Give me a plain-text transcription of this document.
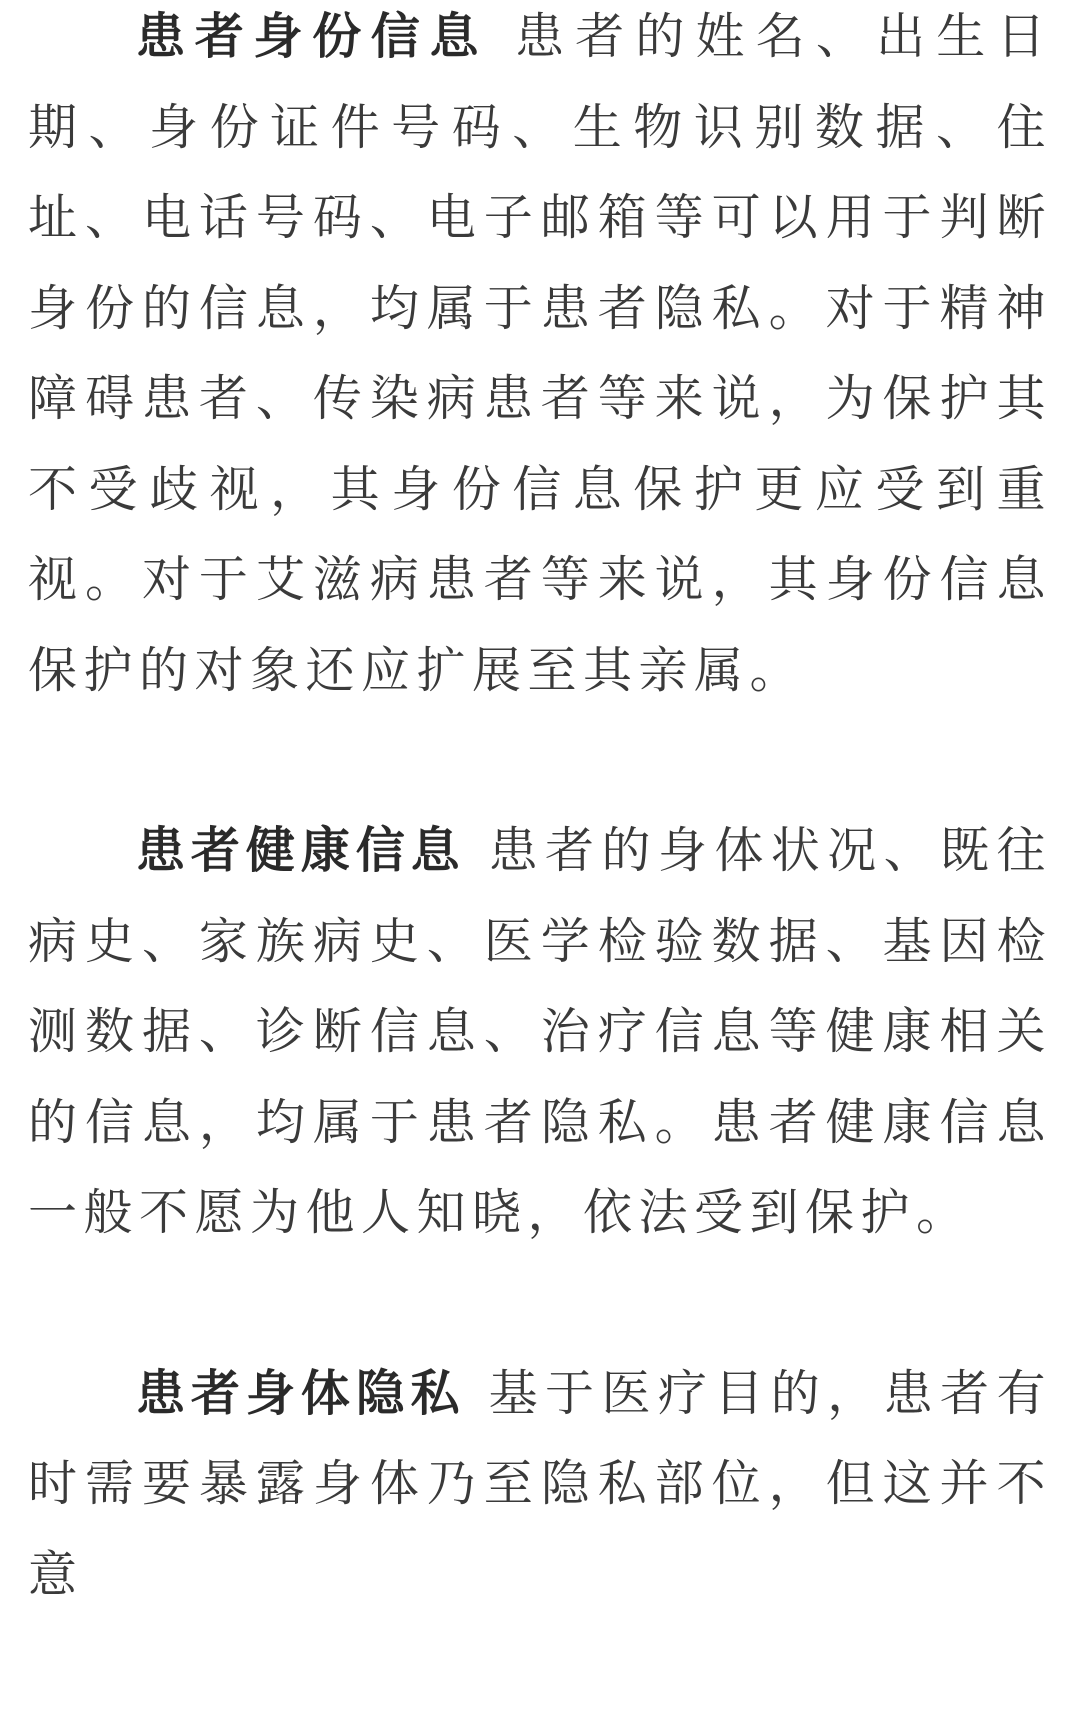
患者身份信息 患者的姓名、出生日期、身份证件号码、生物识别数据、住址、电话号码、电子邮箱等可以用于判断身份的信息，均属于患者隐私。对于精神障碍患者、传染病患者等来说，为保护其不受歧视，其身份信息保护更应受到重视。对于艾滋病患者等来说，其身份信息保护的对象还应扩展至其亲属。

患者健康信息 患者的身体状况、既往病史、家族病史、医学检验数据、基因检测数据、诊断信息、治疗信息等健康相关的信息，均属于患者隐私。患者健康信息一般不愿为他人知晓，依法受到保护。

患者身体隐私 基于医疗目的，患者有时需要暴露身体乃至隐私部位，但这并不意
